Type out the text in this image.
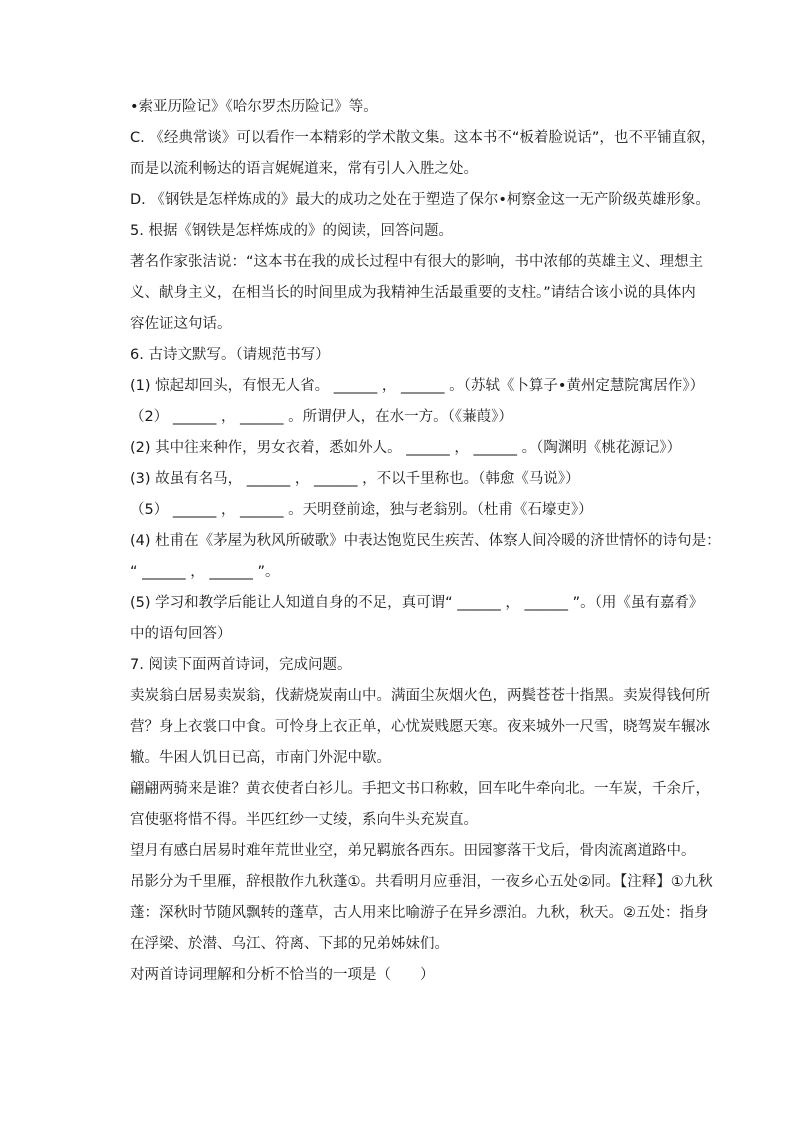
•索亚历险记》《哈尔罗杰历险记》等。
C. 《经典常谈》可以看作一本精彩的学术散文集。这本书不“板着脸说话”，也不平铺直叙，
而是以流利畅达的语言娓娓道来，常有引人入胜之处。
D. 《钢铁是怎样炼成的》最大的成功之处在于塑造了保尔•柯察金这一无产阶级英雄形象。
5. 根据《钢铁是怎样炼成的》的阅读，回答问题。
著名作家张洁说：“这本书在我的成长过程中有很大的影响，书中浓郁的英雄主义、理想主
义、献身主义，在相当长的时间里成为我精神生活最重要的支柱。”请结合该小说的具体内
容佐证这句话。
6. 古诗文默写。（请规范书写）
(1) 惊起却回头，有恨无人省。 ______ ， ______ 。（苏轼《卜算子•黄州定慧院寓居作》）
（2） ______ ， ______ 。所谓伊人，在水一方。（《蒹葭》）
(2) 其中往来种作，男女衣着，悉如外人。 ______ ， ______ 。（陶渊明《桃花源记》）
(3) 故虽有名马， ______ ， ______ ，不以千里称也。（韩愈《马说》）
（5） ______ ， ______ 。天明登前途，独与老翁别。（杜甫《石壕吏》）
(4) 杜甫在《茅屋为秋风所破歌》中表达饱览民生疾苦、体察人间冷暖的济世情怀的诗句是：
“ ______ ， ______ ”。
(5) 学习和教学后能让人知道自身的不足，真可谓“ ______ ， ______ ”。（用《虽有嘉肴》
中的语句回答）
7. 阅读下面两首诗词，完成问题。
卖炭翁白居易卖炭翁，伐薪烧炭南山中。满面尘灰烟火色，两鬓苍苍十指黑。卖炭得钱何所
营？身上衣裳口中食。可怜身上衣正单，心忧炭贱愿天寒。夜来城外一尺雪，晓驾炭车辗冰
辙。牛困人饥日已高，市南门外泥中歇。
翩翩两骑来是谁？黄衣使者白衫儿。手把文书口称敕，回车叱牛牵向北。一车炭，千余斤，
宫使驱将惜不得。半匹红纱一丈绫，系向牛头充炭直。
望月有感白居易时难年荒世业空，弟兄羁旅各西东。田园寥落干戈后，骨肉流离道路中。
吊影分为千里雁，辞根散作九秋蓬①。共看明月应垂泪，一夜乡心五处②同。【注释】①九秋
蓬：深秋时节随风飘转的蓬草，古人用来比喻游子在异乡漂泊。九秋，秋天。②五处：指身
在浮梁、於潜、乌江、符离、下邽的兄弟姊妹们。
对两首诗词理解和分析不恰当的一项是（　　）
